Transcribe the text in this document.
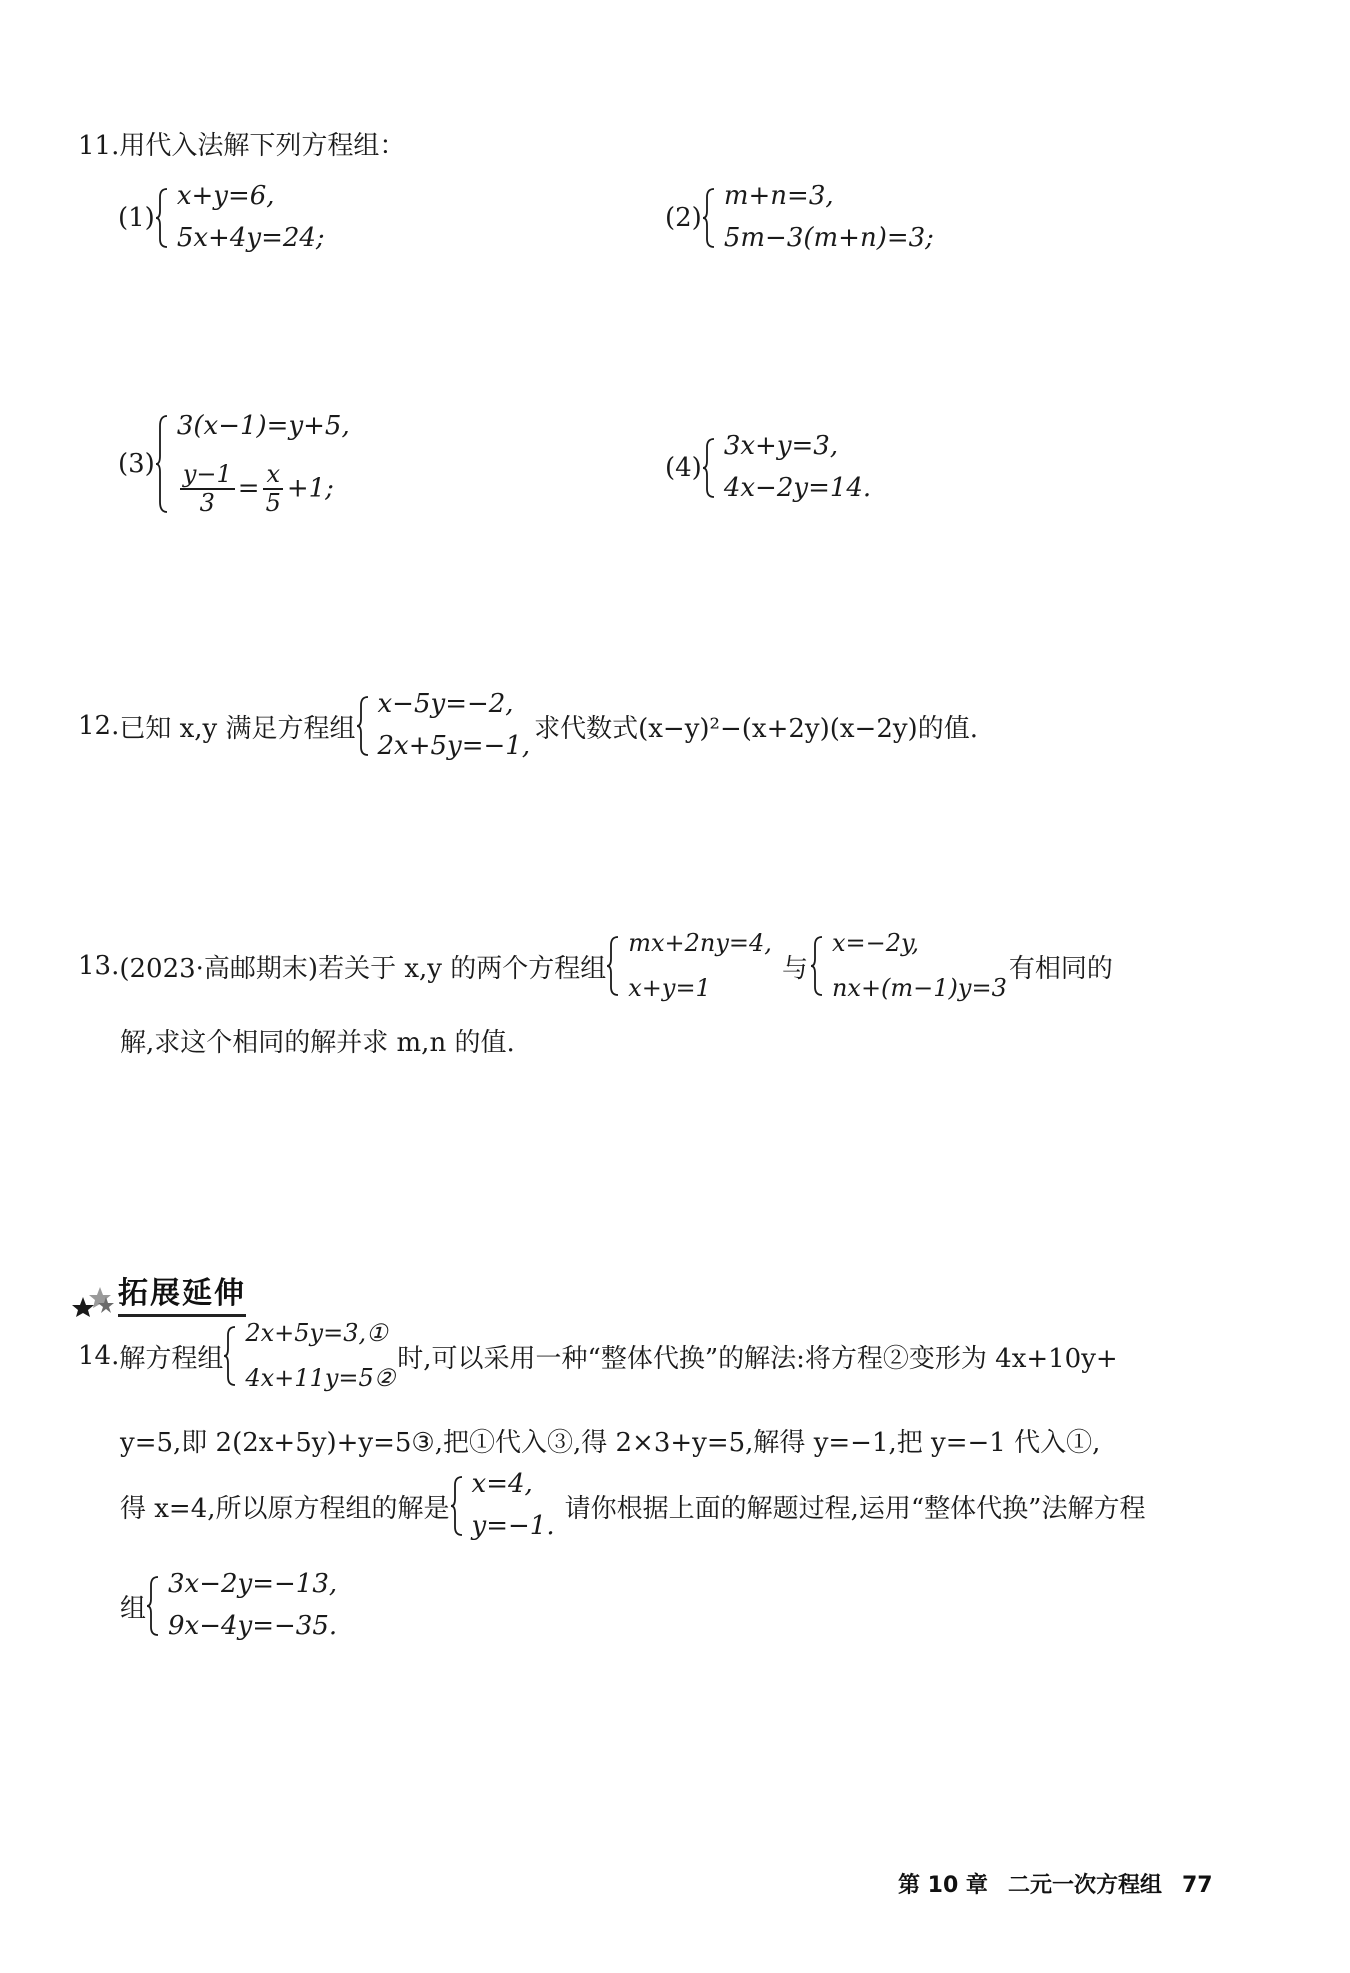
11.用代入法解下列方程组：
(1)
x+y=6,
5x+4y=24;
(2)
m+n=3,
5m−3(m+n)=3;
(3)
3(x−1)=y+5,
$\frac{y-1}{3} = \frac{x}{5} +1$;
(4)
3x+y=3,
4x−2y=14.
12. 已知 x,y 满足方程组
x−5y=−2,
2x+5y=−1,
求代数式(x−y)²−(x+2y)(x−2y)的值.
13. (2023·高邮期末)若关于 x,y 的两个方程组
mx+2ny=4,
x+y=1
与
x=−2y,
nx+(m−1)y=3
有相同的
解,求这个相同的解并求 m,n 的值.
拓展延伸
14. 解方程组
2x+5y=3,①
4x+11y=5②
时,可以采用一种“整体代换”的解法:将方程②变形为 4x+10y+
y=5,即 2(2x+5y)+y=5③,把①代入③,得 2×3+y=5,解得 y=−1,把 y=−1 代入①,
得 x=4,所以原方程组的解是
x=4,
y=−1.
请你根据上面的解题过程,运用“整体代换”法解方程
组
3x−2y=−13,
9x−4y=−35.
第 10 章 二元一次方程组 77
